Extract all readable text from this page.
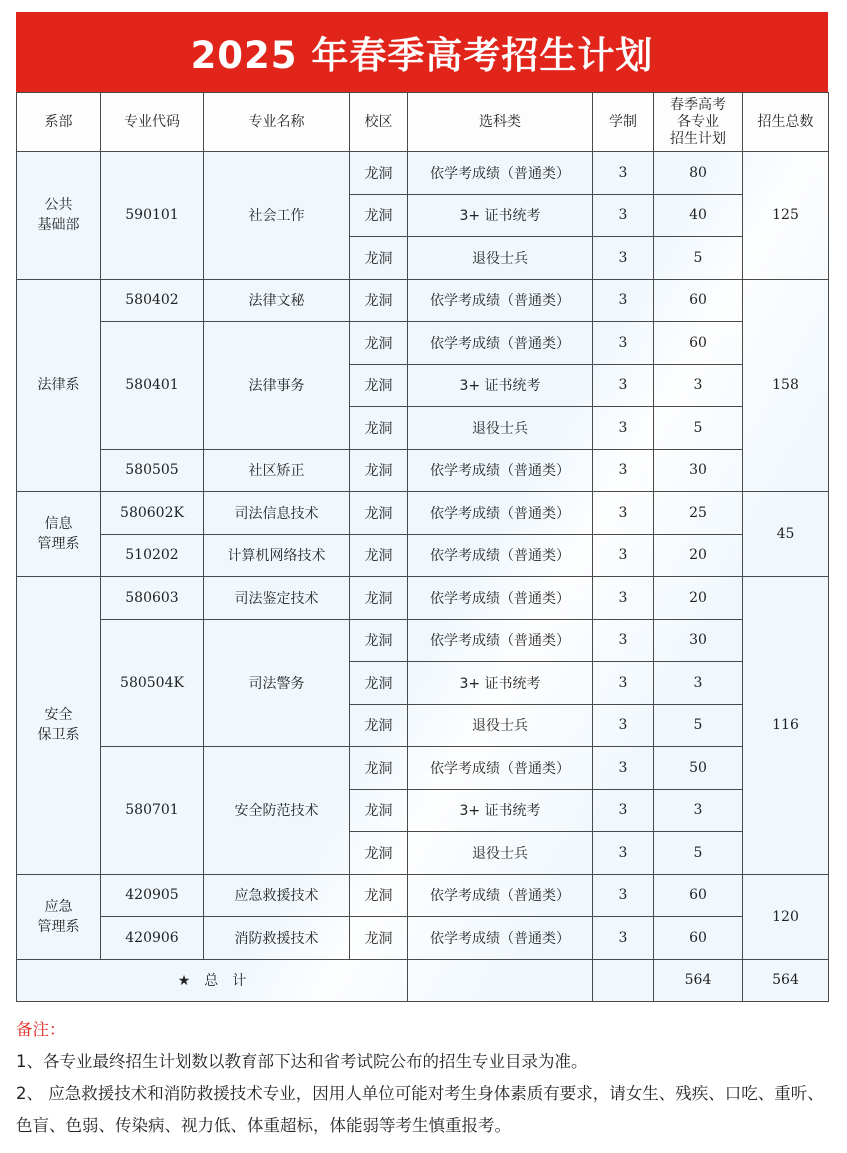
2025 年春季高考招生计划
系部	专业代码	专业名称	校区	选科类	学制	春季高考
各专业
招生计划	招生总数

公共
基础部	590101	社会工作	龙洞	依学考成绩（普通类）	3	80	125
			龙洞	3+ 证书统考	3	40	
			龙洞	退役士兵	3	5	
法律系	580402	法律文秘	龙洞	依学考成绩（普通类）	3	60	158
	580401	法律事务	龙洞	依学考成绩（普通类）	3	60	
			龙洞	3+ 证书统考	3	3	
			龙洞	退役士兵	3	5	
	580505	社区矫正	龙洞	依学考成绩（普通类）	3	30	

信息
管理系	580602K	司法信息技术	龙洞	依学考成绩（普通类）	3	25	45
	510202	计算机网络技术	龙洞	依学考成绩（普通类）	3	20	

安全
保卫系	580603	司法鉴定技术	龙洞	依学考成绩（普通类）	3	20	116
	580504K	司法警务	龙洞	依学考成绩（普通类）	3	30	
			龙洞	3+ 证书统考	3	3	
			龙洞	退役士兵	3	5	
	580701	安全防范技术	龙洞	依学考成绩（普通类）	3	50	
			龙洞	3+ 证书统考	3	3	
			龙洞	退役士兵	3	5	

应急
管理系	420905	应急救援技术	龙洞	依学考成绩（普通类）	3	60	120
	420906	消防救援技术	龙洞	依学考成绩（普通类）	3	60	
★　总　计						564	564

备注：

1、各专业最终招生计划数以教育部下达和省考试院公布的招生专业目录为准。

2、 应急救援技术和消防救援技术专业，因用人单位可能对考生身体素质有要求，请女生、残疾、口吃、重听、色盲、色弱、传染病、视力低、体重超标，体能弱等考生慎重报考。
